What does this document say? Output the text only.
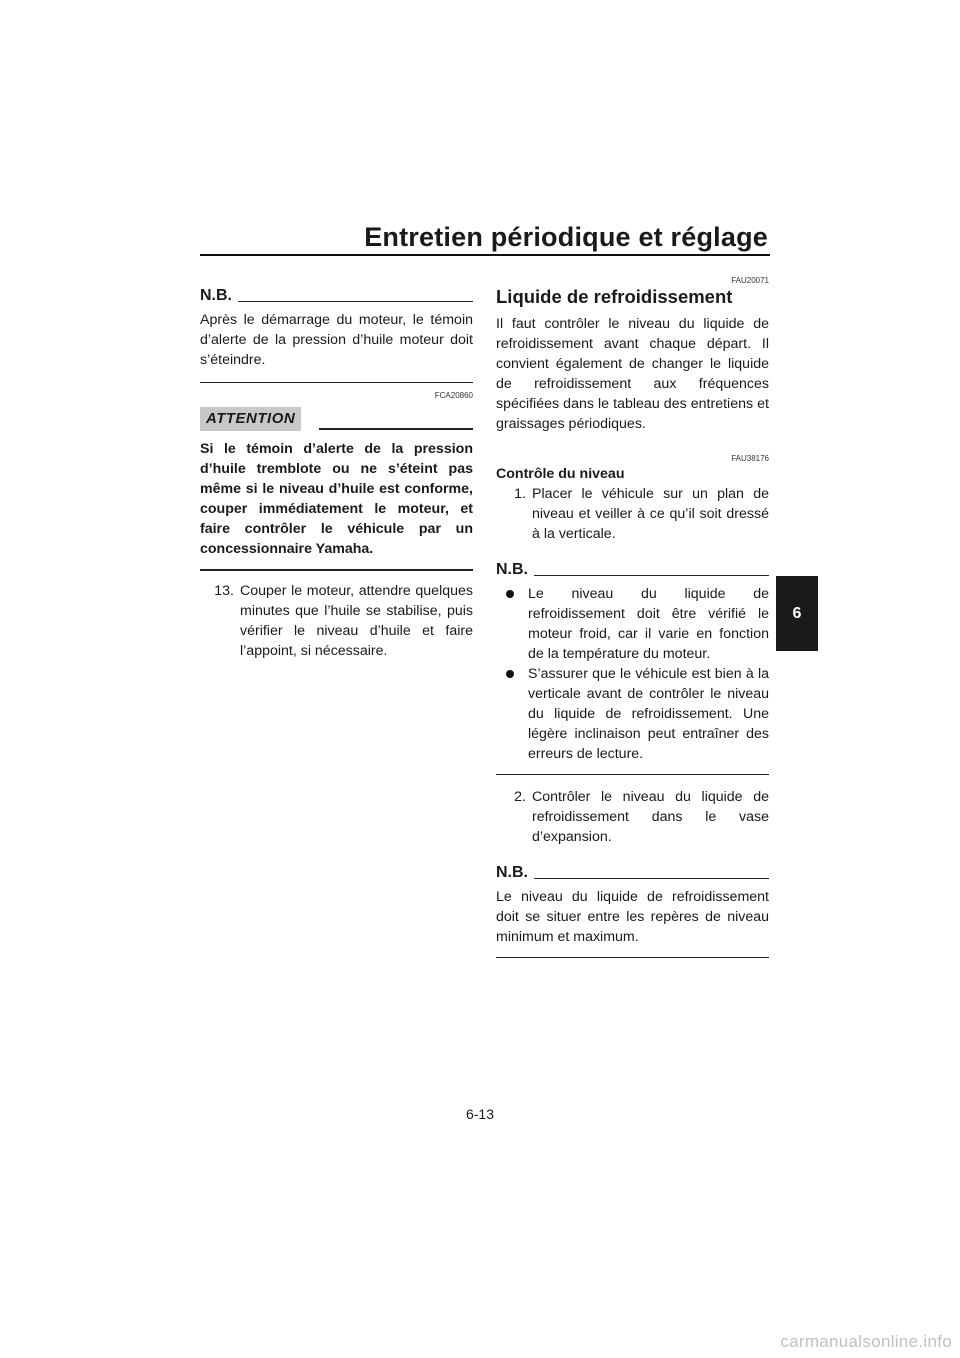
Entretien périodique et réglage
N.B.

Après le démarrage du moteur, le témoin d’alerte de la pression d’huile moteur doit s’éteindre.

FCA20860
ATTENTION

Si le témoin d’alerte de la pression d’huile tremblote ou ne s’éteint pas même si le niveau d’huile est conforme, couper immédiatement le moteur, et faire contrôler le véhicule par un concessionnaire Yamaha.

13. Couper le moteur, attendre quelques minutes que l’huile se stabilise, puis vérifier le niveau d’huile et faire l’appoint, si nécessaire.
FAU20071
Liquide de refroidissement

Il faut contrôler le niveau du liquide de refroidissement avant chaque départ. Il convient également de changer le liquide de refroidissement aux fréquences spécifiées dans le tableau des entretiens et graissages périodiques.

FAU38176

Contrôle du niveau

1. Placer le véhicule sur un plan de niveau et veiller à ce qu’il soit dressé à la verticale.
N.B.
Le niveau du liquide de refroidissement doit être vérifié le moteur froid, car il varie en fonction de la température du moteur.
S’assurer que le véhicule est bien à la verticale avant de contrôler le niveau du liquide de refroidissement. Une légère inclinaison peut entraîner des erreurs de lecture.
2. Contrôler le niveau du liquide de refroidissement dans le vase d’expansion.
N.B.

Le niveau du liquide de refroidissement doit se situer entre les repères de niveau minimum et maximum.

6
6-13
carmanualsonline.info
